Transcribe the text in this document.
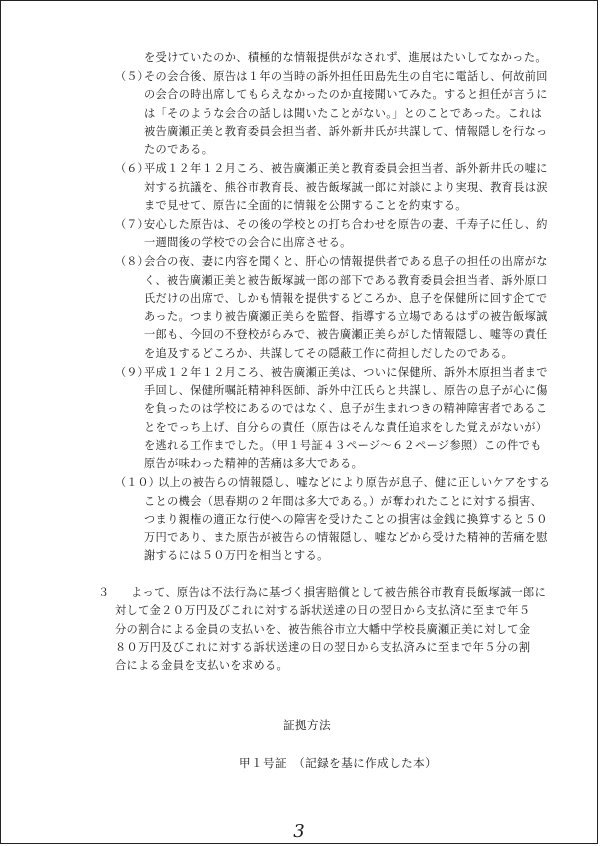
を受けていたのか、積極的な情報提供がなされず、進展はたいしてなかった。
（５）
その会合後、原告は１年の当時の訴外担任田島先生の自宅に電話し、何故前回
の会合の時出席してもらえなかったのか直接聞いてみた。すると担任が言うに
は「そのような会合の話しは聞いたことがない。」とのことであった。これは
被告廣瀬正美と教育委員会担当者、訴外新井氏が共謀して、情報隠しを行なっ
たのである。
（６）
平成１２年１２月ころ、被告廣瀬正美と教育委員会担当者、訴外新井氏の嘘に
対する抗議を、熊谷市教育長、被告飯塚誠一郎に対談により実現、教育長は涙
まで見せて、原告に全面的に情報を公開することを約束する。
（７）
安心した原告は、その後の学校との打ち合わせを原告の妻、千寿子に任し、約
一週間後の学校での会合に出席させる。
（８）
会合の夜、妻に内容を聞くと、肝心の情報提供者である息子の担任の出席がな
く、被告廣瀬正美と被告飯塚誠一郎の部下である教育委員会担当者、訴外原口
氏だけの出席で、しかも情報を提供するどころか、息子を保健所に回す企てで
あった。つまり被告廣瀬正美らを監督、指導する立場であるはずの被告飯塚誠
一郎も、今回の不登校がらみで、被告廣瀬正美らがした情報隠し、嘘等の責任
を追及するどころか、共謀してその隠蔽工作に荷担しだしたのである。
（９）
平成１２年１２月ころ、被告廣瀬正美は、ついに保健所、訴外木原担当者まで
手回し、保健所嘱託精神科医師、訴外中江氏らと共謀し、原告の息子が心に傷
を負ったのは学校にあるのではなく、息子が生まれつきの精神障害者であるこ
とをでっち上げ、自分らの責任（原告はそんな責任追求をした覚えがないが）
を逃れる工作までした。（甲１号証４３ページ～６２ページ参照）この件でも
原告が味わった精神的苦痛は多大である。
（１０）
以上の被告らの情報隠し、嘘などにより原告が息子、健に正しいケアをする
ことの機会（思春期の２年間は多大である。）が奪われたことに対する損害、
つまり親権の適正な行使への障害を受けたことの損害は金銭に換算すると５０
万円であり、また原告が被告らの情報隠し、嘘などから受けた精神的苦痛を慰
謝するには５０万円を相当とする。
３ よって、原告は不法行為に基づく損害賠償として被告熊谷市教育長飯塚誠一郎に
対して金２０万円及びこれに対する訴状送達の日の翌日から支払済に至まで年５
分の割合による金員の支払いを、被告熊谷市立大幡中学校長廣瀬正美に対して金
８０万円及びこれに対する訴状送達の日の翌日から支払済みに至まで年５分の割
合による金員を支払いを求める。
証拠方法
甲１号証　（記録を基に作成した本）
3
